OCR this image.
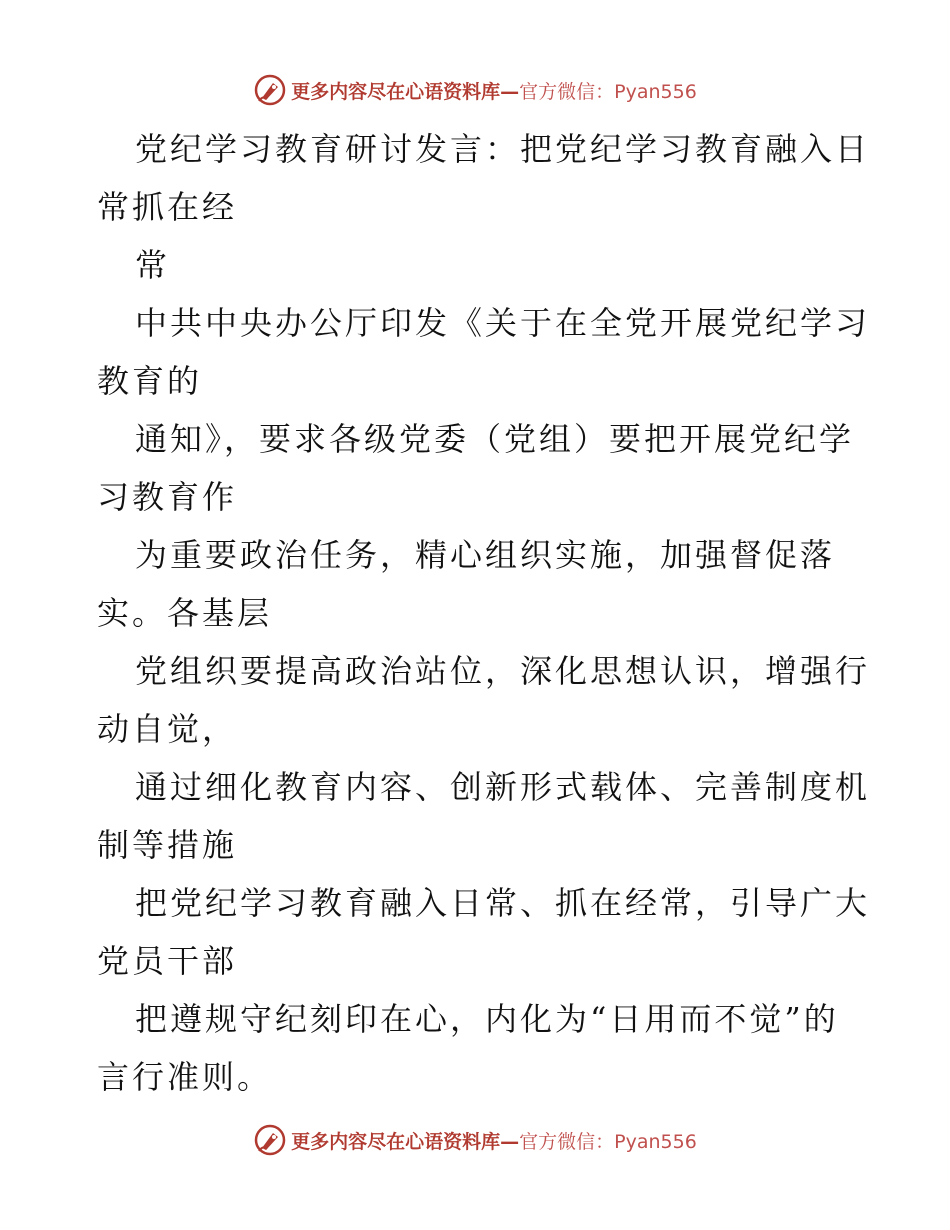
更多内容尽在心语资料库—官方微信：Pyan556
党纪学习教育研讨发言：把党纪学习教育融入日
常抓在经
常
中共中央办公厅印发《关于在全党开展党纪学习
教育的
通知》，要求各级党委（党组）要把开展党纪学
习教育作
为重要政治任务，精心组织实施，加强督促落
实。各基层
党组织要提高政治站位，深化思想认识，增强行
动自觉，
通过细化教育内容、创新形式载体、完善制度机
制等措施
把党纪学习教育融入日常、抓在经常，引导广大
党员干部
把遵规守纪刻印在心，内化为“日用而不觉”的
言行准则。
更多内容尽在心语资料库—官方微信：Pyan556
